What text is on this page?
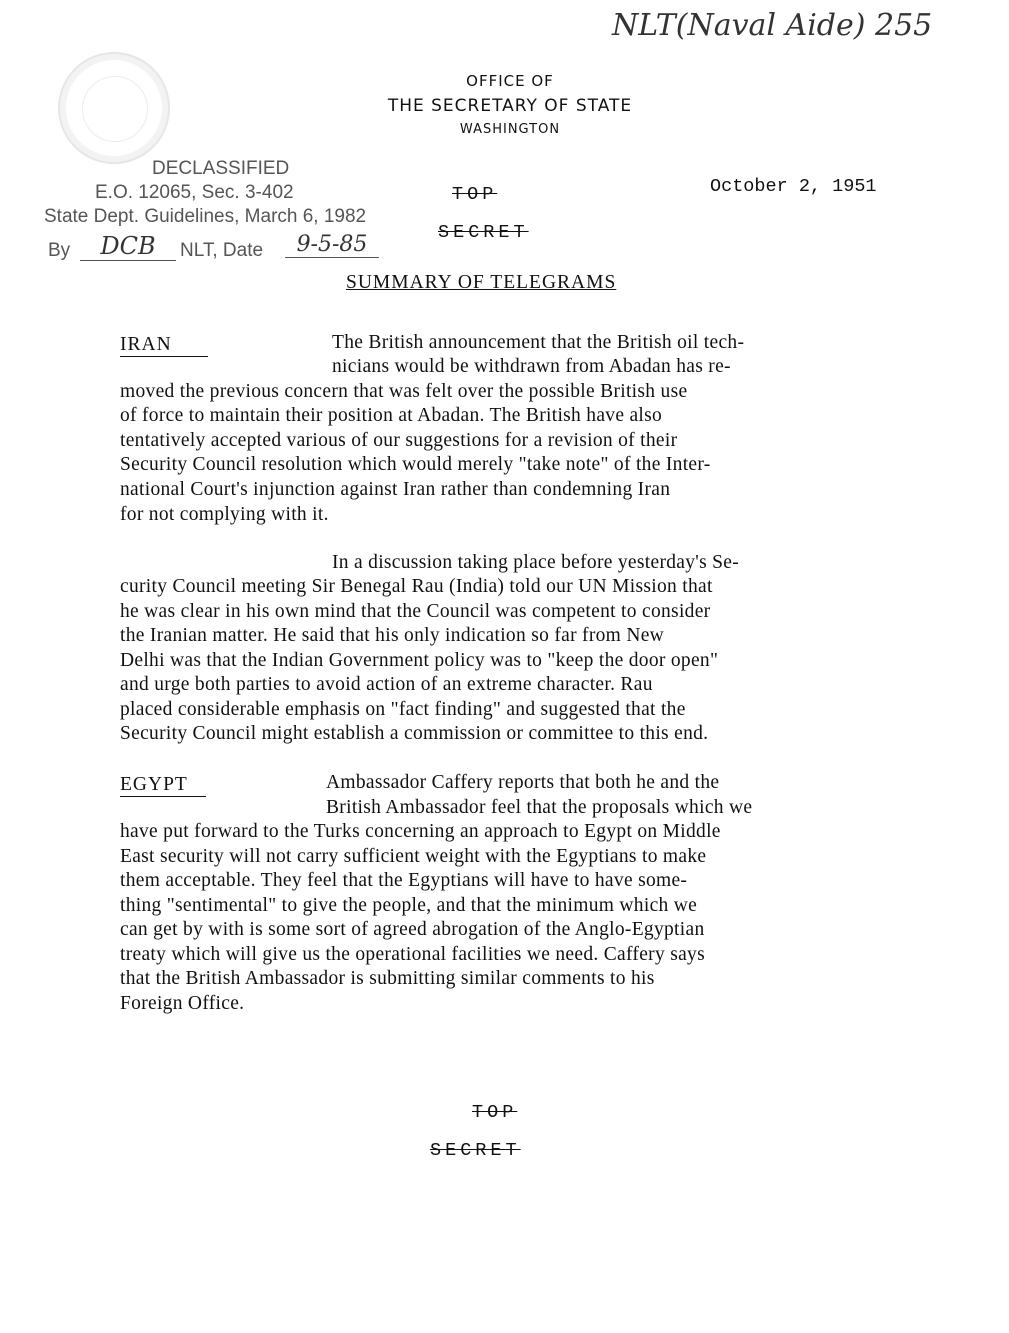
NLT(Naval Aide) 255
OFFICE OF
THE SECRETARY OF STATE
WASHINGTON
DECLASSIFIED
E.O. 12065, Sec. 3-402
State Dept. Guidelines, March 6, 1982
By	DCB	NLT, Date	9-5-85
TOP
SECRET
October 2, 1951
SUMMARY OF TELEGRAMS
IRAN	The British announcement that the British oil tech-
nicians would be withdrawn from Abadan has re-
moved the previous concern that was felt over the possible British use
of force to maintain their position at Abadan. The British have also
tentatively accepted various of our suggestions for a revision of their
Security Council resolution which would merely "take note" of the Inter-
national Court's injunction against Iran rather than condemning Iran
for not complying with it.
In a discussion taking place before yesterday's Se-
curity Council meeting Sir Benegal Rau (India) told our UN Mission that
he was clear in his own mind that the Council was competent to consider
the Iranian matter. He said that his only indication so far from New
Delhi was that the Indian Government policy was to "keep the door open"
and urge both parties to avoid action of an extreme character. Rau
placed considerable emphasis on "fact finding" and suggested that the
Security Council might establish a commission or committee to this end.
EGYPT	Ambassador Caffery reports that both he and the
British Ambassador feel that the proposals which we
have put forward to the Turks concerning an approach to Egypt on Middle
East security will not carry sufficient weight with the Egyptians to make
them acceptable. They feel that the Egyptians will have to have some-
thing "sentimental" to give the people, and that the minimum which we
can get by with is some sort of agreed abrogation of the Anglo-Egyptian
treaty which will give us the operational facilities we need. Caffery says
that the British Ambassador is submitting similar comments to his
Foreign Office.
TOP
SECRET
